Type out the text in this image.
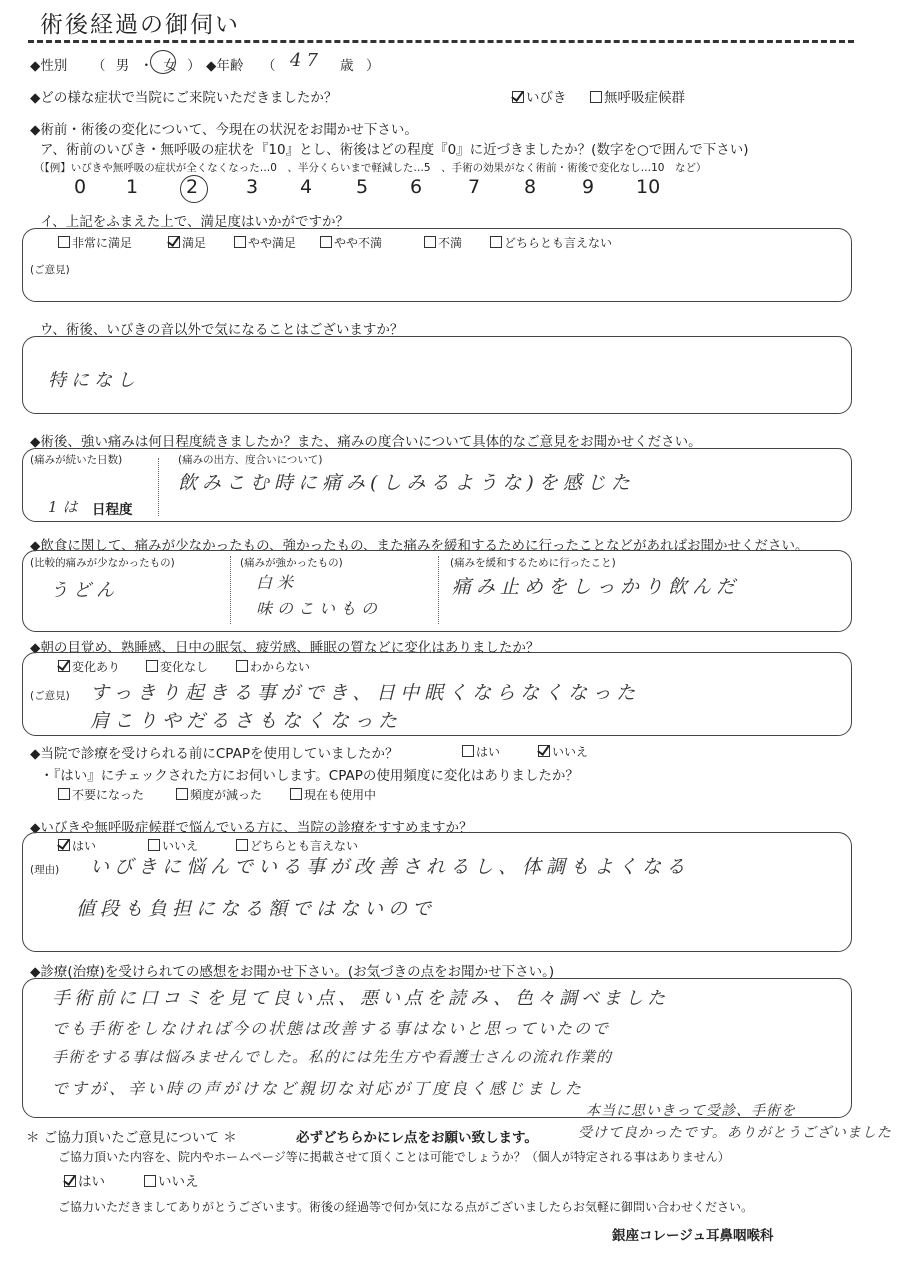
術後経過の御伺い
◆性別 （ 男 ・ 女 ） ◆年齢 （ 47 歳 ）
◆どの様な症状で当院にご来院いただきましたか？	いびき	無呼吸症候群
◆術前・術後の変化について、今現在の状況をお聞かせ下さい。
ア、術前のいびき・無呼吸の症状を『10』とし、術後はどの程度『0』に近づきましたか？(数字を○で囲んで下さい)
（【例】いびきや無呼吸の症状が全くなくなった…0　、半分くらいまで軽減した…5　、手術の効果がなく術前・術後で変化なし…10　など）
0 1	2	3 4 5 6 7 8 9 10
イ、上記をふまえた上で、満足度はいかがですか？
非常に満足	満足	やや満足	やや不満	不満	どちらとも言えない
(ご意見)
ウ、術後、いびきの音以外で気になることはございますか？
特になし
◆術後、強い痛みは何日程度続きましたか？また、痛みの度合いについて具体的なご意見をお聞かせください。
(痛みが続いた日数)
1は 日程度
(痛みの出方、度合いについて)
飲みこむ時に痛み(しみるような)を感じた
◆飲食に関して、痛みが少なかったもの、強かったもの、また痛みを緩和するために行ったことなどがあればお聞かせください。
(比較的痛みが少なかったもの)
うどん
(痛みが強かったもの)
白米
味のこいもの
(痛みを緩和するために行ったこと)
痛み止めをしっかり飲んだ
◆朝の目覚め、熟睡感、日中の眠気、疲労感、睡眠の質などに変化はありましたか？
変化あり	変化なし	わからない
(ご意見) すっきり起きる事ができ、日中眠くならなくなった
肩こりやだるさもなくなった
◆当院で診療を受けられる前にCPAPを使用していましたか？	はい	いいえ
・『はい』にチェックされた方にお伺いします。CPAPの使用頻度に変化はありましたか？
不要になった	頻度が減った	現在も使用中
◆いびきや無呼吸症候群で悩んでいる方に、当院の診療をすすめますか？
はい	いいえ	どちらとも言えない
(理由) いびきに悩んでいる事が改善されるし、体調もよくなる
値段も負担になる額ではないので
◆診療(治療)を受けられての感想をお聞かせ下さい。(お気づきの点をお聞かせ下さい。)
手術前に口コミを見て良い点、悪い点を読み、色々調べました
でも手術をしなければ今の状態は改善する事はないと思っていたので
手術をする事は悩みませんでした。私的には先生方や看護士さんの流れ作業的
ですが、辛い時の声がけなど親切な対応が丁度良く感じました
本当に思いきって受診、手術を
受けて良かったです。ありがとうございました
＊ ご協力頂いたご意見について ＊	必ずどちらかにレ点をお願い致します。
ご協力頂いた内容を、院内やホームページ等に掲載させて頂くことは可能でしょうか？（個人が特定される事はありません）
はい	いいえ
ご協力いただきましてありがとうございます。術後の経過等で何か気になる点がございましたらお気軽に御問い合わせください。
銀座コレージュ耳鼻咽喉科
